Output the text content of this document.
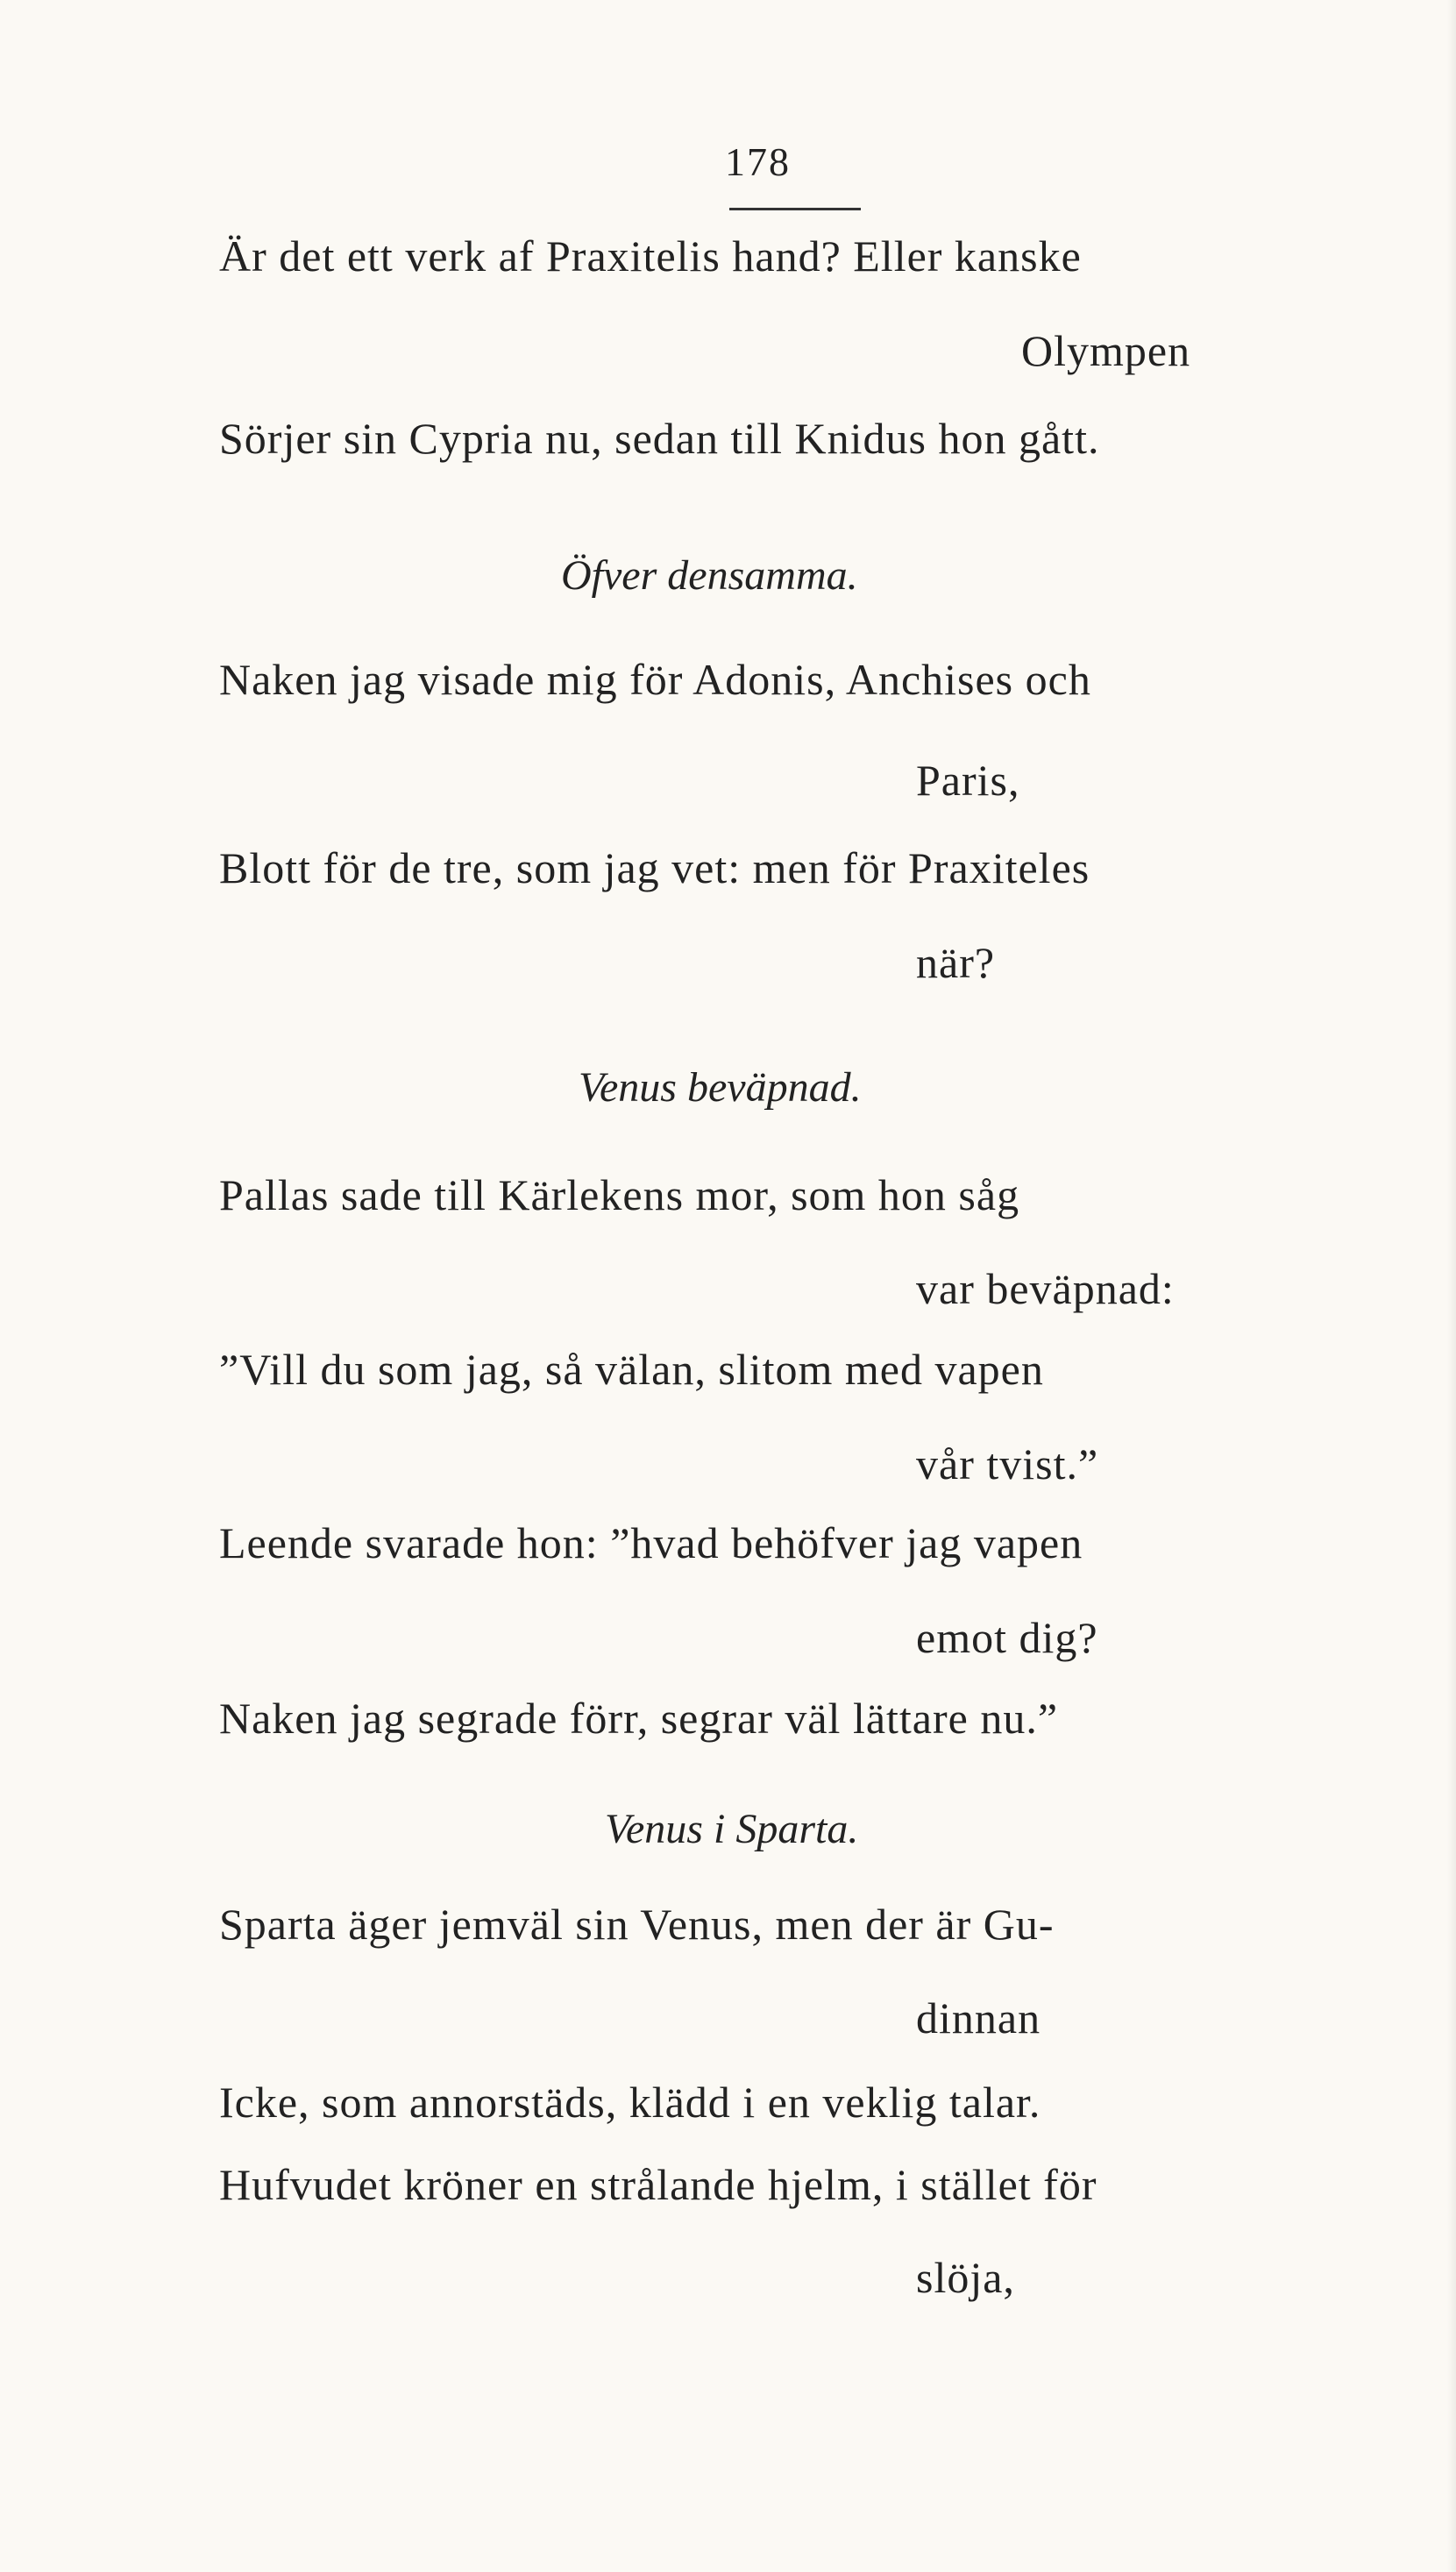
178
Är det ett verk af Praxitelis hand? Eller kanske
Olympen
Sörjer sin Cypria nu, sedan till Knidus hon gått.
Öfver densamma.
Naken jag visade mig för Adonis, Anchises och
Paris,
Blott för de tre, som jag vet: men för Praxiteles
när?
Venus beväpnad.
Pallas sade till Kärlekens mor, som hon såg
var beväpnad:
”Vill du som jag, så välan, slitom med vapen
vår tvist.”
Leende svarade hon: ”hvad behöfver jag vapen
emot dig?
Naken jag segrade förr, segrar väl lättare nu.”
Venus i Sparta.
Sparta äger jemväl sin Venus, men der är Gu-
dinnan
Icke, som annorstäds, klädd i en veklig talar.
Hufvudet kröner en strålande hjelm, i stället för
slöja,
